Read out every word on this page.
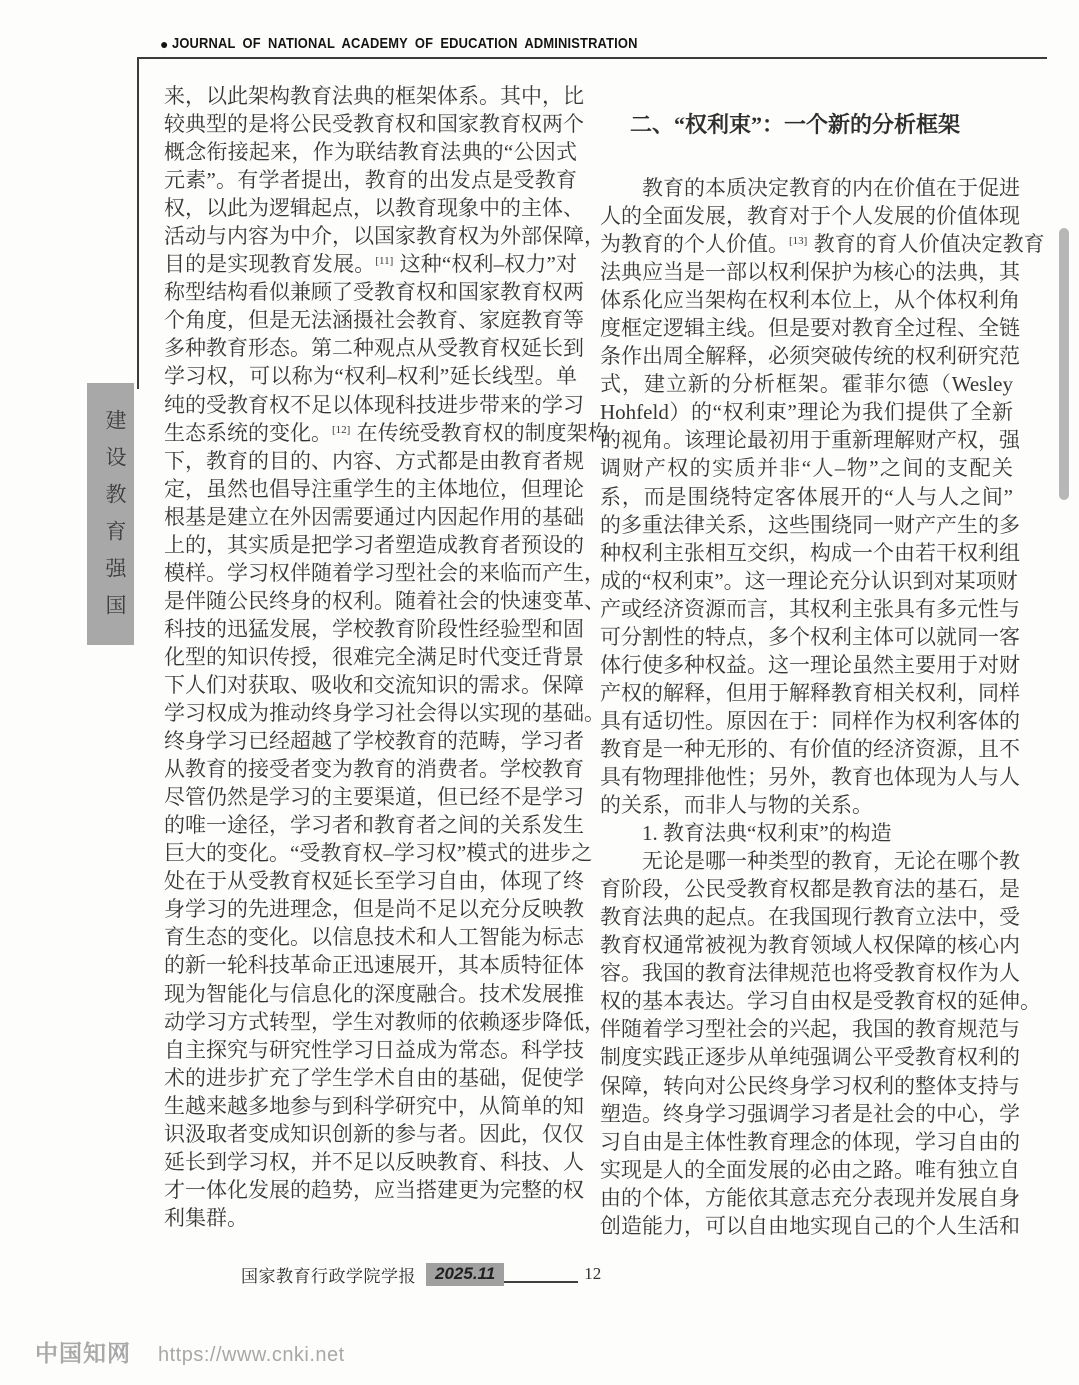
● JOURNAL OF NATIONAL ACADEMY OF EDUCATION ADMINISTRATION
建设教育强国
来，以此架构教育法典的框架体系。其中，比
较典型的是将公民受教育权和国家教育权两个
概念衔接起来，作为联结教育法典的“公因式
元素”。有学者提出，教育的出发点是受教育
权，以此为逻辑起点，以教育现象中的主体、
活动与内容为中介，以国家教育权为外部保障，
目的是实现教育发展。[11] 这种“权利–权力”对
称型结构看似兼顾了受教育权和国家教育权两
个角度，但是无法涵摄社会教育、家庭教育等
多种教育形态。第二种观点从受教育权延长到
学习权，可以称为“权利–权利”延长线型。单
纯的受教育权不足以体现科技进步带来的学习
生态系统的变化。[12] 在传统受教育权的制度架构
下，教育的目的、内容、方式都是由教育者规
定，虽然也倡导注重学生的主体地位，但理论
根基是建立在外因需要通过内因起作用的基础
上的，其实质是把学习者塑造成教育者预设的
模样。学习权伴随着学习型社会的来临而产生，
是伴随公民终身的权利。随着社会的快速变革、
科技的迅猛发展，学校教育阶段性经验型和固
化型的知识传授，很难完全满足时代变迁背景
下人们对获取、吸收和交流知识的需求。保障
学习权成为推动终身学习社会得以实现的基础。
终身学习已经超越了学校教育的范畴，学习者
从教育的接受者变为教育的消费者。学校教育
尽管仍然是学习的主要渠道，但已经不是学习
的唯一途径，学习者和教育者之间的关系发生
巨大的变化。“受教育权–学习权”模式的进步之
处在于从受教育权延长至学习自由，体现了终
身学习的先进理念，但是尚不足以充分反映教
育生态的变化。以信息技术和人工智能为标志
的新一轮科技革命正迅速展开，其本质特征体
现为智能化与信息化的深度融合。技术发展推
动学习方式转型，学生对教师的依赖逐步降低，
自主探究与研究性学习日益成为常态。科学技
术的进步扩充了学生学术自由的基础，促使学
生越来越多地参与到科学研究中，从简单的知
识汲取者变成知识创新的参与者。因此，仅仅
延长到学习权，并不足以反映教育、科技、人
才一体化发展的趋势，应当搭建更为完整的权
利集群。
二、“权利束”：一个新的分析框架
　　教育的本质决定教育的内在价值在于促进
人的全面发展，教育对于个人发展的价值体现
为教育的个人价值。[13] 教育的育人价值决定教育
法典应当是一部以权利保护为核心的法典，其
体系化应当架构在权利本位上，从个体权利角
度框定逻辑主线。但是要对教育全过程、全链
条作出周全解释，必须突破传统的权利研究范
式，建立新的分析框架。霍菲尔德（Wesley
Hohfeld）的“权利束”理论为我们提供了全新
的视角。该理论最初用于重新理解财产权，强
调财产权的实质并非“人–物”之间的支配关
系，而是围绕特定客体展开的“人与人之间”
的多重法律关系，这些围绕同一财产产生的多
种权利主张相互交织，构成一个由若干权利组
成的“权利束”。这一理论充分认识到对某项财
产或经济资源而言，其权利主张具有多元性与
可分割性的特点，多个权利主体可以就同一客
体行使多种权益。这一理论虽然主要用于对财
产权的解释，但用于解释教育相关权利，同样
具有适切性。原因在于：同样作为权利客体的
教育是一种无形的、有价值的经济资源，且不
具有物理排他性；另外，教育也体现为人与人
的关系，而非人与物的关系。
　　1. 教育法典“权利束”的构造
　　无论是哪一种类型的教育，无论在哪个教
育阶段，公民受教育权都是教育法的基石，是
教育法典的起点。在我国现行教育立法中，受
教育权通常被视为教育领域人权保障的核心内
容。我国的教育法律规范也将受教育权作为人
权的基本表达。学习自由权是受教育权的延伸。
伴随着学习型社会的兴起，我国的教育规范与
制度实践正逐步从单纯强调公平受教育权利的
保障，转向对公民终身学习权利的整体支持与
塑造。终身学习强调学习者是社会的中心，学
习自由是主体性教育理念的体现，学习自由的
实现是人的全面发展的必由之路。唯有独立自
由的个体，方能依其意志充分表现并发展自身
创造能力，可以自由地实现自己的个人生活和
国家教育行政学院学报	2025.11	12
中国知网 https://www.cnki.net
